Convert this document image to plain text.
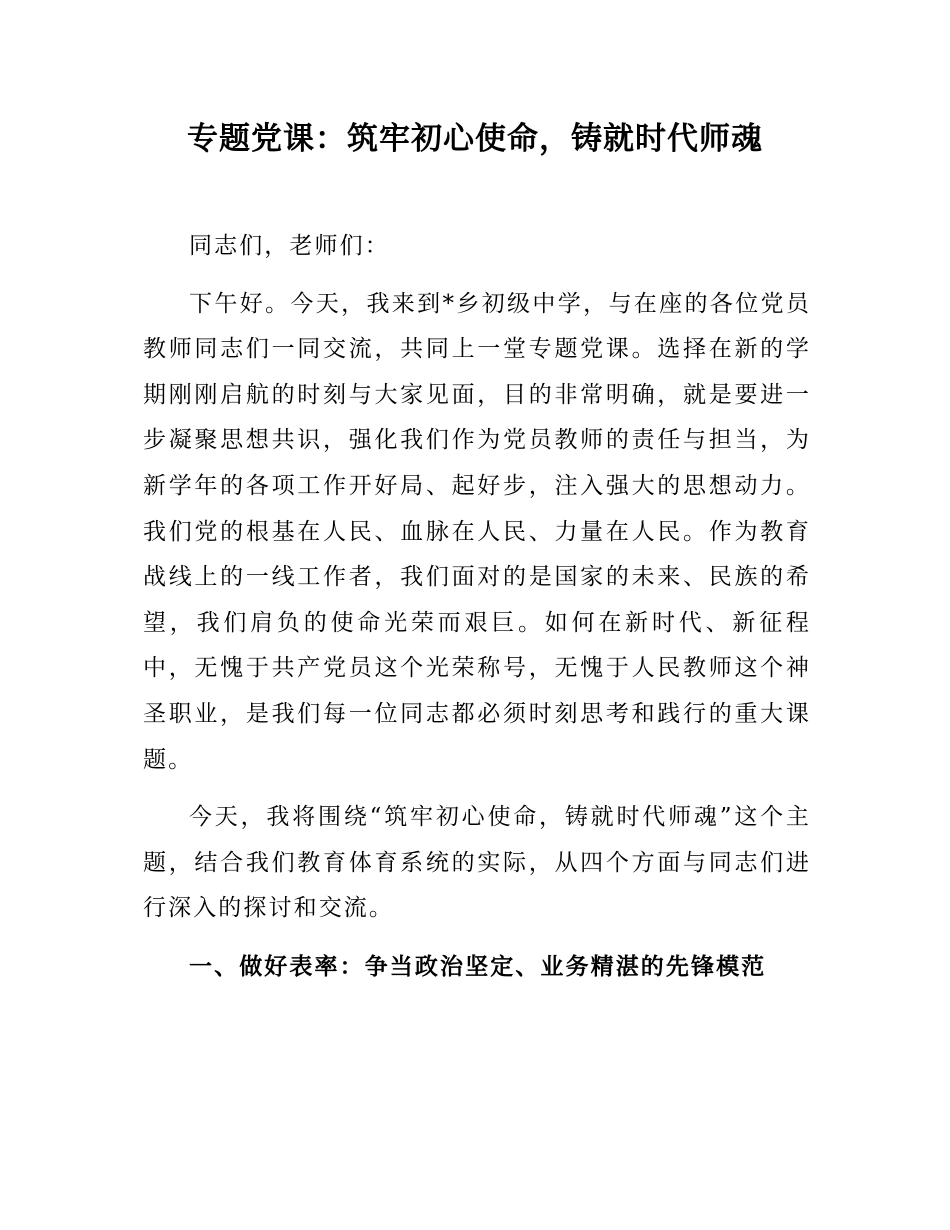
专题党课：筑牢初心使命，铸就时代师魂

同志们，老师们：

下午好。今天，我来到*乡初级中学，与在座的各位党员教师同志们一同交流，共同上一堂专题党课。选择在新的学期刚刚启航的时刻与大家见面，目的非常明确，就是要进一步凝聚思想共识，强化我们作为党员教师的责任与担当，为新学年的各项工作开好局、起好步，注入强大的思想动力。我们党的根基在人民、血脉在人民、力量在人民。作为教育战线上的一线工作者，我们面对的是国家的未来、民族的希望，我们肩负的使命光荣而艰巨。如何在新时代、新征程中，无愧于共产党员这个光荣称号，无愧于人民教师这个神圣职业，是我们每一位同志都必须时刻思考和践行的重大课题。

今天，我将围绕“筑牢初心使命，铸就时代师魂”这个主题，结合我们教育体育系统的实际，从四个方面与同志们进行深入的探讨和交流。

一、做好表率：争当政治坚定、业务精湛的先锋模范
